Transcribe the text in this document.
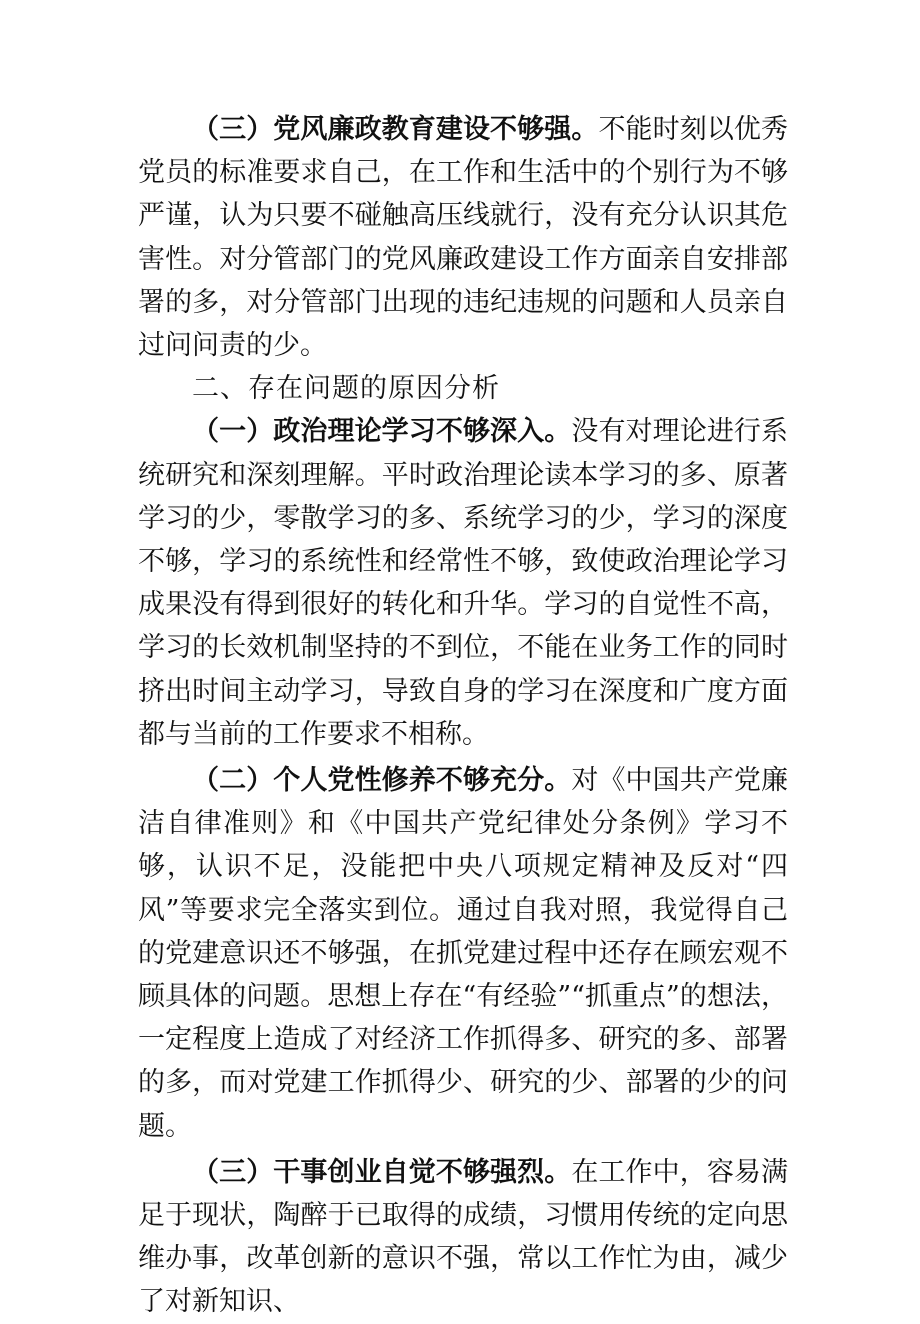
（三）党风廉政教育建设不够强。不能时刻以优秀党员的标准要求自己，在工作和生活中的个别行为不够严谨，认为只要不碰触高压线就行，没有充分认识其危害性。对分管部门的党风廉政建设工作方面亲自安排部署的多，对分管部门出现的违纪违规的问题和人员亲自过问问责的少。

二、存在问题的原因分析

（一）政治理论学习不够深入。没有对理论进行系统研究和深刻理解。平时政治理论读本学习的多、原著学习的少，零散学习的多、系统学习的少，学习的深度不够，学习的系统性和经常性不够，致使政治理论学习成果没有得到很好的转化和升华。学习的自觉性不高，学习的长效机制坚持的不到位，不能在业务工作的同时挤出时间主动学习，导致自身的学习在深度和广度方面都与当前的工作要求不相称。

（二）个人党性修养不够充分。对《中国共产党廉洁自律准则》和《中国共产党纪律处分条例》学习不够，认识不足，没能把中央八项规定精神及反对“四风”等要求完全落实到位。通过自我对照，我觉得自己的党建意识还不够强，在抓党建过程中还存在顾宏观不顾具体的问题。思想上存在“有经验”“抓重点”的想法，一定程度上造成了对经济工作抓得多、研究的多、部署的多，而对党建工作抓得少、研究的少、部署的少的问题。

（三）干事创业自觉不够强烈。在工作中，容易满足于现状，陶醉于已取得的成绩，习惯用传统的定向思维办事，改革创新的意识不强，常以工作忙为由，减少了对新知识、
